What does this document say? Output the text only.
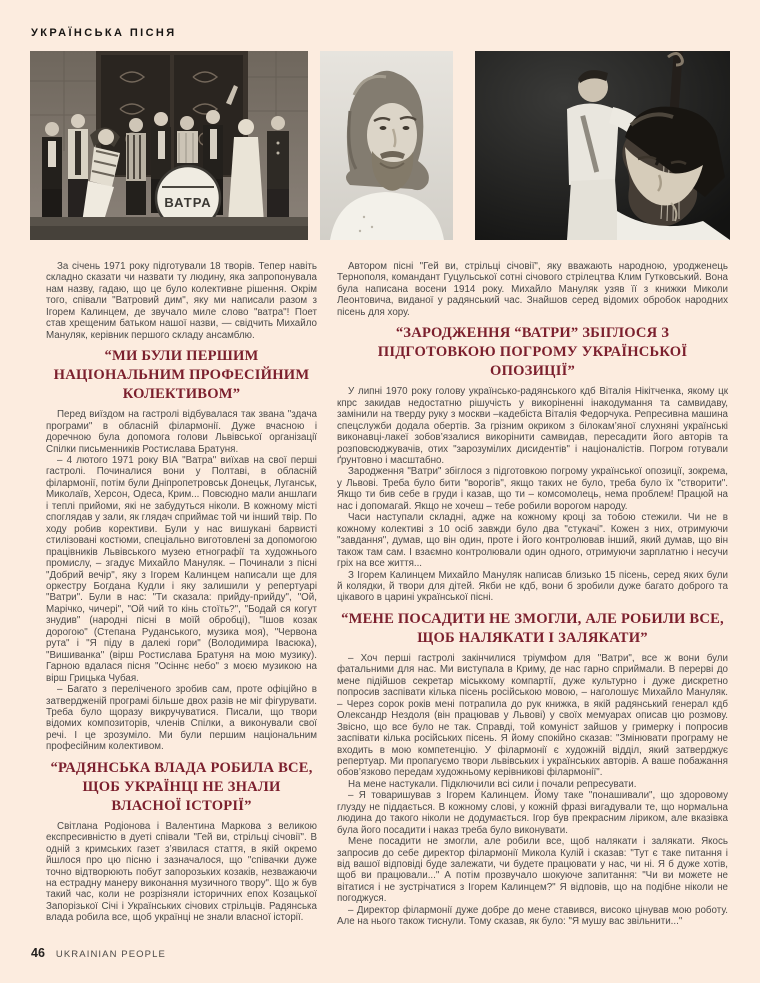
УКРАЇНСЬКА ПІСНЯ
ВАТРА

За січень 1971 року підготували 18 творів. Тепер навіть складно сказати чи назвати ту людину, яка запропонувала нам назву, гадаю, що це було колективне рішення. Окрім того, співали "Ватровий дим", яку ми написали разом з Ігорем Калинцем, де звучало миле слово "ватра"! Поет став хрещеним батьком нашої назви, — свідчить Михайло Мануляк, керівник першого складу ансамблю.

“МИ БУЛИ ПЕРШИМ НАЦІОНАЛЬНИМ ПРОФЕСІЙНИМ КОЛЕКТИВОМ”

Перед виїздом на гастролі відбувалася так звана "здача програми" в обласній філармонії. Дуже вчасною і доречною була допомога голови Львівської організації Спілки письменників Ростислава Братуня.

– 4 лютого 1971 року ВІА "Ватра" виїхав на свої перші гастролі. Починалися вони у Полтаві, в обласній філармонії, потім були Дніпропетровськ Донецьк, Луганськ, Миколаїв, Херсон, Одеса, Крим... Повсюдно мали аншлаги і теплі прийоми, які не забудуться ніколи. В кожному місті споглядав у зали, як глядач сприймає той чи інший твір. По ходу робив корективи. Були у нас вишукані барвисті стилізовані костюми, спеціально виготовлені за допомогою працівників Львівського музею етнографії та художнього промислу, – згадує Михайло Мануляк. – Починали з пісні "Добрий вечір", яку з Ігорем Калинцем написали ще для оркестру Богдана Кудли і яку залишили у репертуарі "Ватри". Були в нас: "Ти сказала: прийду-прийду", "Ой, Марічко, чичері", "Ой чий то кінь стоїть?", "Бодай ся когут знудив" (народні пісні в моїй обробці), "Ішов козак дорогою" (Степана Руданського, музика моя), "Червона рута" і "Я піду в далекі гори" (Володимира Івасюка), "Вишиванка" (вірш Ростислава Братуня на мою музику). Гарною вдалася пісня "Осіннє небо" з моєю музикою на вірш Грицька Чубая.

– Багато з переліченого зробив сам, проте офіційно в затвердженій програмі більше двох разів не міг фігурувати. Треба було щоразу викручуватися. Писали, що твори відомих композиторів, членів Спілки, а виконували свої речі. І це зрозуміло. Ми були першим національним професійним колективом.

“РАДЯНСЬКА ВЛАДА РОБИЛА ВСЕ, ЩОБ УКРАЇНЦІ НЕ ЗНАЛИ ВЛАСНОЇ ІСТОРІЇ”

Світлана Родіонова і Валентина Маркова з великою експресивністю в дуеті співали "Гей ви, стрільці січовії". В одній з кримських газет з’явилася стаття, в якій окремо йшлося про цю пісню і зазначалося, що "співачки дуже точно відтворюють побут запорозьких козаків, незважаючи на естрадну манеру виконання музичного твору". Що ж був такий час, коли не розрізняли історичних епох Козацької Запорізької Січі і Українських січових стрільців. Радянська влада робила все, щоб українці не знали власної історії.

Автором пісні "Гей ви, стрільці січовії", яку вважають народною, уродженець Тернополя, командант Гуцульської сотні січового стрілецтва Клим Гутковський. Вона була написана восени 1914 року. Михайло Мануляк узяв її з книжки Миколи Леонтовича, виданої у радянський час. Знайшов серед відомих обробок народних пісень для хору.

“ЗАРОДЖЕННЯ “ВАТРИ” ЗБІГЛОСЯ З ПІДГОТОВКОЮ ПОГРОМУ УКРАЇНСЬКОЇ ОПОЗИЦІЇ”

У липні 1970 року голову українсько-радянського кдб Віталія Нікітченка, якому цк кпрс закидав недостатню рішучість у викоріненні інакодумання та самвидаву, замінили на тверду руку з москви –кадебіста Віталія Федорчука. Репресивна машина спецслужби додала обертів. За грізним окриком з білокам’яної слухняні українські виконавці-лакеї зобов’язалися викорінити самвидав, пересадити його авторів та розповсюджувачів, отих "зарозумілих дисидентів" і націоналістів. Погром готували ґрунтовно і масштабно.

Зародження "Ватри" збіглося з підготовкою погрому української опозиції, зокрема, у Львові. Треба було бити "ворогів", якщо таких не було, треба було їх "створити". Якщо ти бив себе в груди і казав, що ти – комсомолець, нема проблем! Працюй на нас і допомагай. Якщо не хочеш – тебе робили ворогом народу.

Часи наступали складні, адже на кожному кроці за тобою стежили. Чи не в кожному колективі з 10 осіб завжди було два "стукачі". Кожен з них, отримуючи "завдання", думав, що він один, проте і його контролював інший, який думав, що він також там сам. І взаємно контролювали один одного, отримуючи зарплатню і несучи гріх на все життя...

З Ігорем Калинцем Михайло Мануляк написав близько 15 пісень, серед яких були й колядки, й твори для дітей. Якби не кдб, вони б зробили дуже багато доброго та цікавого в царині української пісні.

“МЕНЕ ПОСАДИТИ НЕ ЗМОГЛИ, АЛЕ РОБИЛИ ВСЕ, ЩОБ НАЛЯКАТИ І ЗАЛЯКАТИ”

– Хоч перші гастролі закінчилися тріумфом для "Ватри", все ж вони були фатальними для нас. Ми виступала в Криму, де нас гарно сприймали. В перерві до мене підійшов секретар міськкому компартії, дуже культурно і дуже дискретно попросив заспівати кілька пісень російською мовою, – наголошує Михайло Мануляк. – Через сорок років мені потрапила до рук книжка, в якій радянський генерал кдб Олександр Нездоля (він працював у Львові) у своїх мемуарах описав цю розмову. Звісно, що все було не так. Справді, той комуніст зайшов у гримерку і попросив заспівати кілька російських пісень. Я йому спокійно сказав: "Змінювати програму не входить в мою компетенцію. У філармонії є художній відділ, який затверджує репертуар. Ми пропагуємо твори львівських і українських авторів. А ваше побажання обов’язково передам художньому керівникові філармонії".

На мене настукали. Підключили всі сили і почали репресувати.

– Я товаришував з Ігорем Калинцем. Йому таке "понашивали", що здоровому глузду не піддається. В кожному слові, у кожній фразі вигадували те, що нормальна людина до такого ніколи не додумається. Ігор був прекрасним ліриком, але вказівка була його посадити і наказ треба було виконувати.

Мене посадити не змогли, але робили все, щоб налякати і залякати. Якось запросив до себе директор філармонії Микола Кулій і сказав: "Тут є таке питання і від вашої відповіді буде залежати, чи будете працювати у нас, чи ні. Я б дуже хотів, щоб ви працювали..." А потім прозвучало шокуюче запитання: "Чи ви можете не вітатися і не зустрічатися з Ігорем Калинцем?" Я відповів, що на подібне ніколи не погоджуся.

– Директор філармонії дуже добре до мене ставився, високо цінував мою роботу. Але на нього також тиснули. Тому сказав, як було: "Я мушу вас звільнити..."

46 UKRAINIAN PEOPLE
